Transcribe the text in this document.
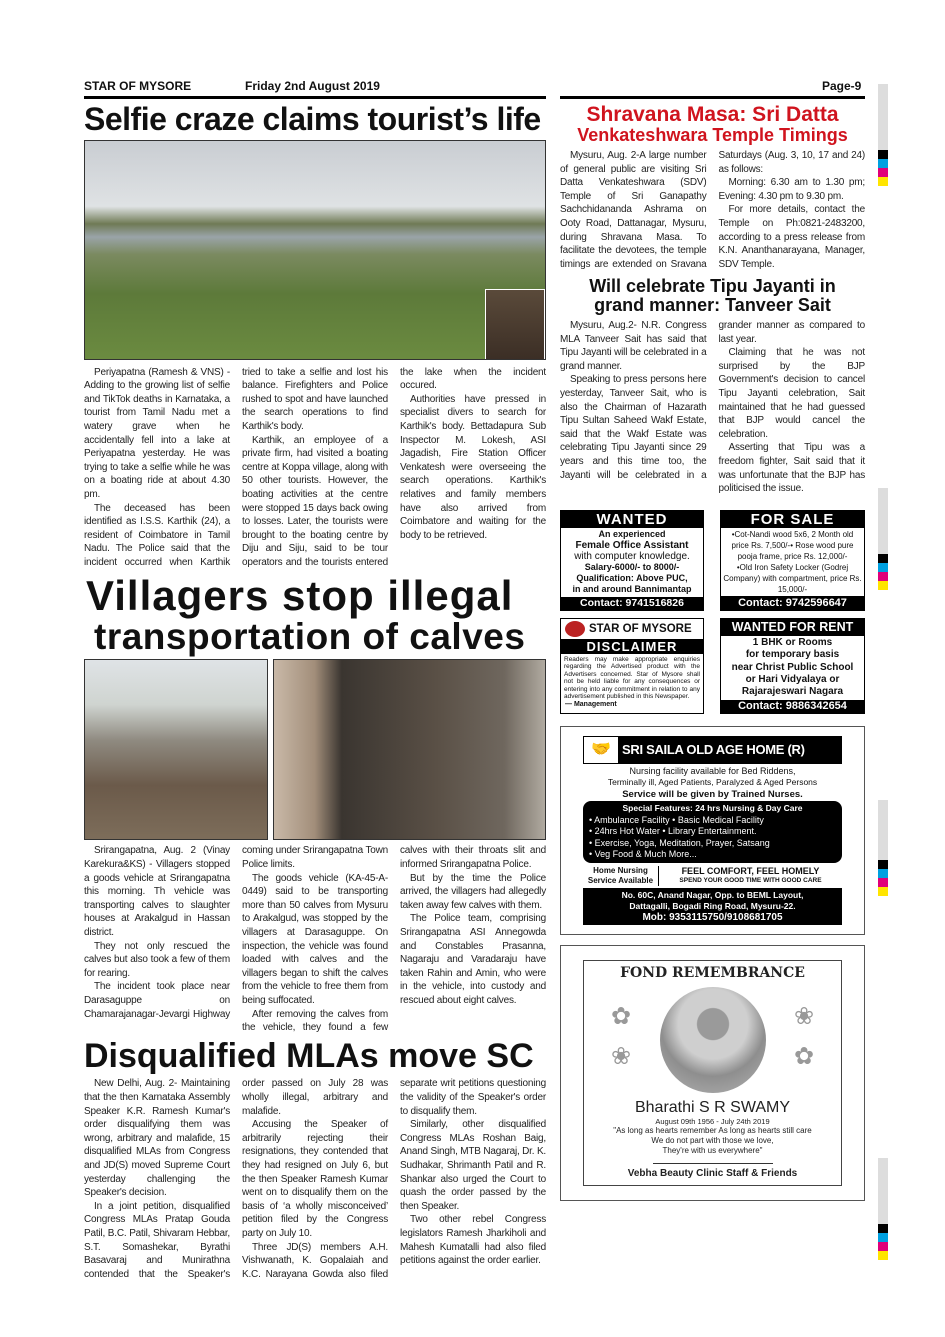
STAR OF MYSORE	Friday 2nd August 2019	Page-9
Selfie craze claims tourist’s life

Periyapatna (Ramesh & VNS) -Adding to the growing list of selfie and TikTok deaths in Karnataka, a tourist from Tamil Nadu met a watery grave when he accidentally fell into a lake at Periyapatna yesterday. He was trying to take a selfie while he was on a boating ride at about 4.30 pm.

The deceased has been identified as I.S.S. Karthik (24), a resident of Coimbatore in Tamil Nadu. The Police said that the incident occurred when Karthik tried to take a selfie and lost his balance. Firefighters and Police rushed to spot and have launched the search operations to find Karthik's body.

Karthik, an employee of a private firm, had visited a boating centre at Koppa village, along with 50 other tourists. However, the boating activities at the centre were stopped 15 days back owing to losses. Later, the tourists were brought to the boating centre by Diju and Siju, said to be tour operators and the tourists entered the lake when the incident occured.

Authorities have pressed in specialist divers to search for Karthik's body. Bettadapura Sub Inspector M. Lokesh, ASI Jagadish, Fire Station Officer Venkatesh were overseeing the search operations. Karthik's relatives and family members have also arrived from Coimbatore and waiting for the body to be retrieved.

Villagers stop illegal
transportation of calves

Srirangapatna, Aug. 2 (Vinay Karekura&KS) - Villagers stopped a goods vehicle at Srirangapatna this morning. Th vehicle was transporting calves to slaughter houses at Arakalgud in Hassan district.

They not only rescued the calves but also took a few of them for rearing.

The incident took place near Darasaguppe on Chamarajanagar-Jevargi Highway coming under Srirangapatna Town Police limits.

The goods vehicle (KA-45-A-0449) said to be transporting more than 50 calves from Mysuru to Arakalgud, was stopped by the villagers at Darasaguppe. On inspection, the vehicle was found loaded with calves and the villagers began to shift the calves from the vehicle to free them from being suffocated.

After removing the calves from the vehicle, they found a few calves with their throats slit and informed Srirangapatna Police.

But by the time the Police arrived, the villagers had allegedly taken away few calves with them.

The Police team, comprising Srirangapatna ASI Annegowda and Constables Prasanna, Nagaraju and Varadaraju have taken Rahin and Amin, who were in the vehicle, into custody and rescued about eight calves.

Disqualified MLAs move SC

New Delhi, Aug. 2- Maintaining that the then Karnataka Assembly Speaker K.R. Ramesh Kumar's order disqualifying them was wrong, arbitrary and malafide, 15 disqualified MLAs from Congress and JD(S) moved Supreme Court yesterday challenging the Speaker's decision.

In a joint petition, disqualified Congress MLAs Pratap Gouda Patil, B.C. Patil, Shivaram Hebbar, S.T. Somashekar, Byrathi Basavaraj and Munirathna contended that the Speaker's order passed on July 28 was wholly illegal, arbitrary and malafide.

Accusing the Speaker of arbitrarily rejecting their resignations, they contended that they had resigned on July 6, but the then Speaker Ramesh Kumar went on to disqualify them on the basis of ‘a wholly misconceived’ petition filed by the Congress party on July 10.

Three JD(S) members A.H. Vishwanath, K. Gopalaiah and K.C. Narayana Gowda also filed separate writ petitions questioning the validity of the Speaker's order to disqualify them.

Similarly, other disqualified Congress MLAs Roshan Baig, Anand Singh, MTB Nagaraj, Dr. K. Sudhakar, Shrimanth Patil and R. Shankar also urged the Court to quash the order passed by the then Speaker.

Two other rebel Congress legislators Ramesh Jharkiholi and Mahesh Kumatalli had also filed petitions against the order earlier.

Shravana Masa: Sri Datta
Venkateshwara Temple Timings

Mysuru, Aug. 2-A large number of general public are visiting Sri Datta Venkateshwara (SDV) Temple of Sri Ganapathy Sachchidananda Ashrama on Ooty Road, Dattanagar, Mysuru, during Shravana Masa. To facilitate the devotees, the temple timings are extended on Sravana Saturdays (Aug. 3, 10, 17 and 24) as follows:

Morning: 6.30 am to 1.30 pm; Evening: 4.30 pm to 9.30 pm.

For more details, contact the Temple on Ph:0821-2483200, according to a press release from K.N. Ananthanarayana, Manager, SDV Temple.

Will celebrate Tipu Jayanti in
grand manner: Tanveer Sait

Mysuru, Aug.2- N.R. Congress MLA Tanveer Sait has said that Tipu Jayanti will be celebrated in a grand manner.

Speaking to press persons here yesterday, Tanveer Sait, who is also the Chairman of Hazarath Tipu Sultan Saheed Wakf Estate, said that the Wakf Estate was celebrating Tipu Jayanti since 29 years and this time too, the Jayanti will be celebrated in a grander manner as compared to last year.

Claiming that he was not surprised by the BJP Government's decision to cancel Tipu Jayanti celebration, Sait maintained that he had guessed that BJP would cancel the celebration.

Asserting that Tipu was a freedom fighter, Sait said that it was unfortunate that the BJP has politicised the issue.

WANTED
An experienced
Female Office Assistant
with computer knowledge.
Salary-6000/- to 8000/-
Qualification: Above PUC,
in and around Bannimantap
Contact: 9741516826
FOR SALE
•Cot-Nandi wood 5x6, 2 Month old price Rs. 7,500/-• Rose wood pure pooja frame, price Rs. 12,000/-
•Old Iron Safety Locker (Godrej Company) with compartment, price Rs. 15,000/-
Contact: 9742596647
STAR OF MYSORE
DISCLAIMER
Readers may make appropriate enquiries regarding the Advertised product with the Advertisers concerned. Star of Mysore shall not be held liable for any consequences or entering into any commitment in relation to any advertisement published in this Newspaper.
— Management
WANTED FOR RENT
1 BHK or Rooms
for temporary basis
near Christ Public School
or Hari Vidyalaya or
Rajarajeswari Nagara
Contact: 9886342654
🤝 SRI SAILA OLD AGE HOME (R)
Nursing facility available for Bed Riddens,
Terminally ill, Aged Patients, Paralyzed & Aged Persons
Service will be given by Trained Nurses.
Special Features: 24 hrs Nursing & Day Care
• Ambulance Facility • Basic Medical Facility
• 24hrs Hot Water • Library Entertainment.
• Exercise, Yoga, Meditation, Prayer, Satsang
• Veg Food & Much More...
Home Nursing
Service Available
FEEL COMFORT, FEEL HOMELY
SPEND YOUR GOOD TIME WITH GOOD CARE
No. 60C, Anand Nagar, Opp. to BEML Layout,
Dattagalli, Bogadi Ring Road, Mysuru-22.
Mob: 9353115750/9108681705
FOND REMEMBRANCE
✿
❀
❀
✿
Bharathi S R SWAMY
August 09th 1956 - July 24th 2019
"As long as hearts remember As long as hearts still care
We do not part with those we love,
They're with us everywhere"
Vebha Beauty Clinic Staff & Friends
